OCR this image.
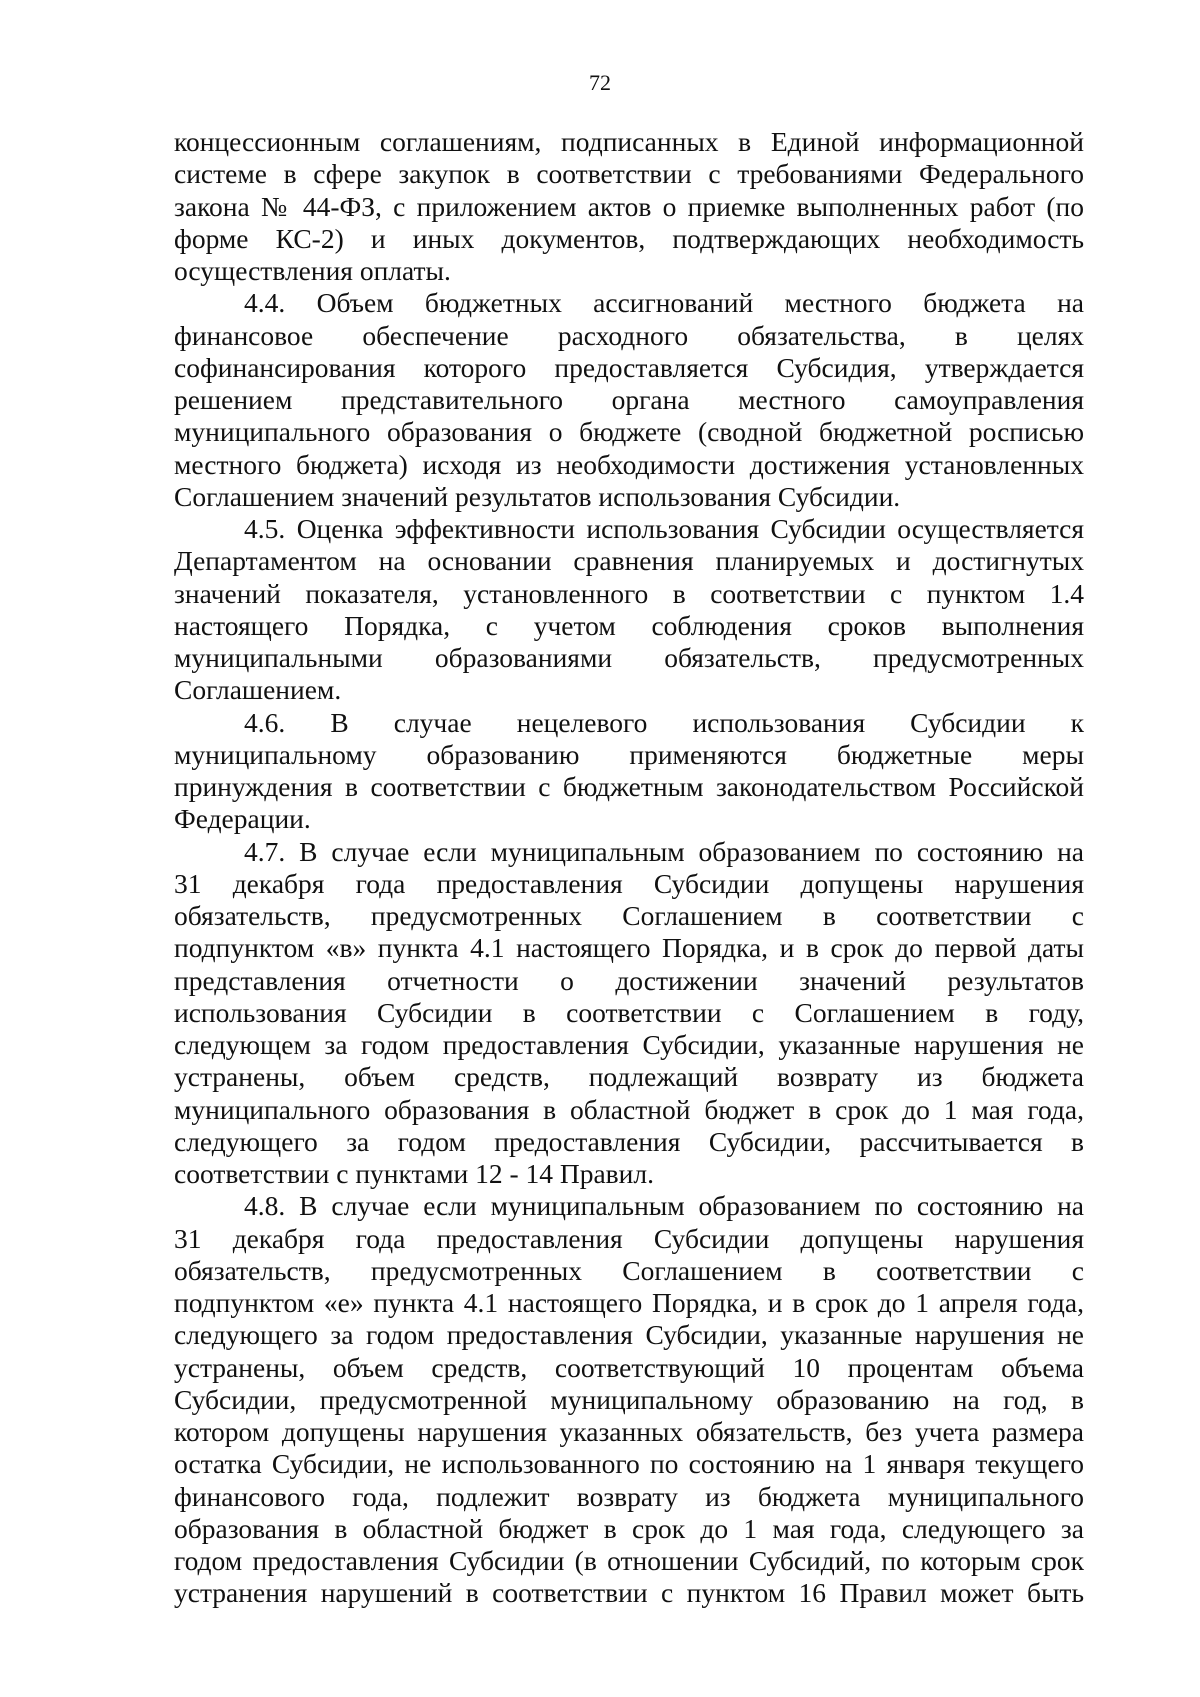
72
концессионным соглашениям, подписанных в Единой информационной
системе в сфере закупок в соответствии с требованиями Федерального
закона № 44-ФЗ, с приложением актов о приемке выполненных работ (по
форме КС-2) и иных документов, подтверждающих необходимость
осуществления оплаты.
4.4. Объем бюджетных ассигнований местного бюджета на
финансовое обеспечение расходного обязательства, в целях
софинансирования которого предоставляется Субсидия, утверждается
решением представительного органа местного самоуправления
муниципального образования о бюджете (сводной бюджетной росписью
местного бюджета) исходя из необходимости достижения установленных
Соглашением значений результатов использования Субсидии.
4.5. Оценка эффективности использования Субсидии осуществляется
Департаментом на основании сравнения планируемых и достигнутых
значений показателя, установленного в соответствии с пунктом 1.4
настоящего Порядка, с учетом соблюдения сроков выполнения
муниципальными образованиями обязательств, предусмотренных
Соглашением.
4.6. В случае нецелевого использования Субсидии к
муниципальному образованию применяются бюджетные меры
принуждения в соответствии с бюджетным законодательством Российской
Федерации.
4.7. В случае если муниципальным образованием по состоянию на
31 декабря года предоставления Субсидии допущены нарушения
обязательств, предусмотренных Соглашением в соответствии с
подпунктом «в» пункта 4.1 настоящего Порядка, и в срок до первой даты
представления отчетности о достижении значений результатов
использования Субсидии в соответствии с Соглашением в году,
следующем за годом предоставления Субсидии, указанные нарушения не
устранены, объем средств, подлежащий возврату из бюджета
муниципального образования в областной бюджет в срок до 1 мая года,
следующего за годом предоставления Субсидии, рассчитывается в
соответствии с пунктами 12 - 14 Правил.
4.8. В случае если муниципальным образованием по состоянию на
31 декабря года предоставления Субсидии допущены нарушения
обязательств, предусмотренных Соглашением в соответствии с
подпунктом «е» пункта 4.1 настоящего Порядка, и в срок до 1 апреля года,
следующего за годом предоставления Субсидии, указанные нарушения не
устранены, объем средств, соответствующий 10 процентам объема
Субсидии, предусмотренной муниципальному образованию на год, в
котором допущены нарушения указанных обязательств, без учета размера
остатка Субсидии, не использованного по состоянию на 1 января текущего
финансового года, подлежит возврату из бюджета муниципального
образования в областной бюджет в срок до 1 мая года, следующего за
годом предоставления Субсидии (в отношении Субсидий, по которым срок
устранения нарушений в соответствии с пунктом 16 Правил может быть
